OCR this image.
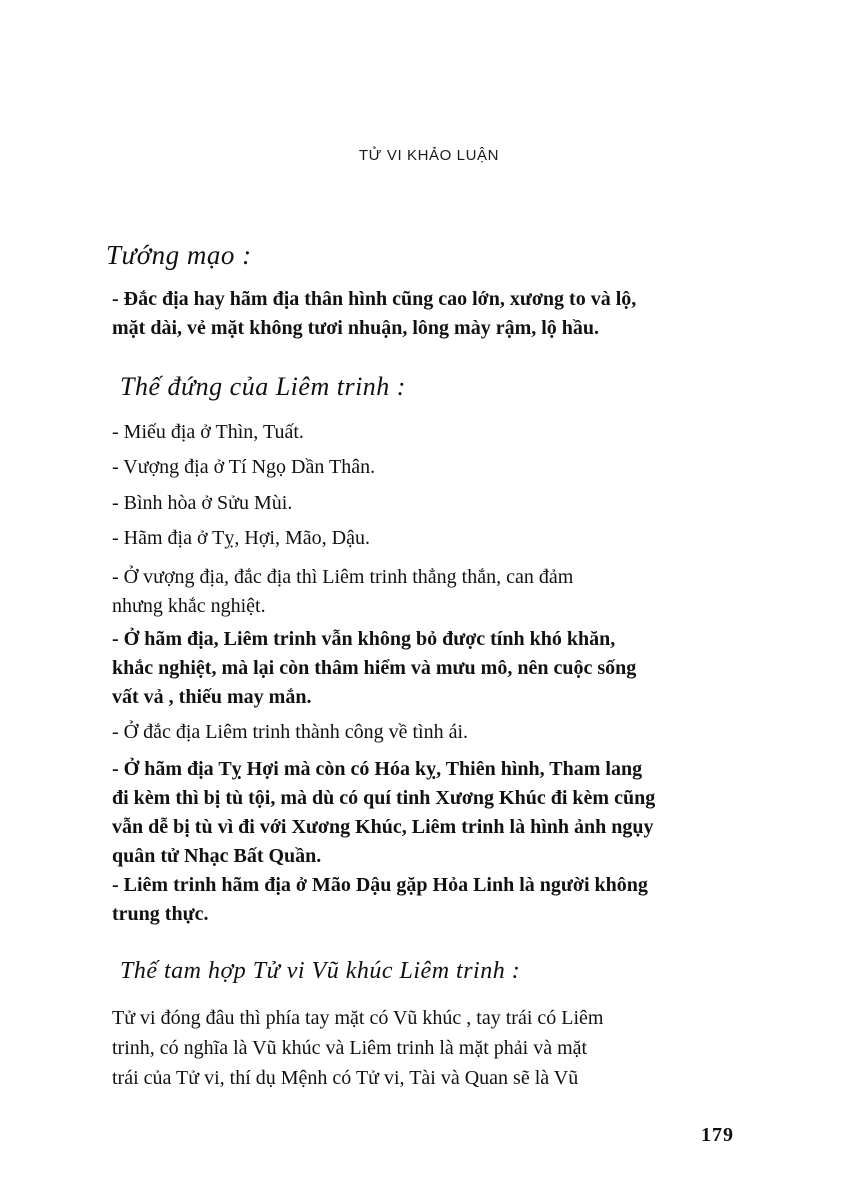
TỬ VI KHẢO LUẬN
Tướng mạo :

- Đắc địa hay hãm địa thân hình cũng cao lớn, xương to và lộ,
mặt dài, vẻ mặt không tươi nhuận, lông mày rậm, lộ hầu.

Thế đứng của Liêm trinh :

- Miếu địa ở Thìn, Tuất.

- Vượng địa ở Tí Ngọ Dần Thân.

- Bình hòa ở Sửu Mùi.

- Hãm địa ở Tỵ, Hợi, Mão, Dậu.

- Ở vượng địa, đắc địa thì Liêm trinh thẳng thắn, can đảm
nhưng khắc nghiệt.

- Ở hãm địa, Liêm trinh vẫn không bỏ được tính khó khăn,
khắc nghiệt, mà lại còn thâm hiểm và mưu mô, nên cuộc sống
vất vả , thiếu may mắn.

- Ở đắc địa Liêm trinh thành công về tình ái.

- Ở hãm địa Tỵ Hợi mà còn có Hóa kỵ, Thiên hình, Tham lang
đi kèm thì bị tù tội, mà dù có quí tinh Xương Khúc đi kèm cũng
vẫn dễ bị tù vì đi với Xương Khúc, Liêm trinh là hình ảnh ngụy
quân tử Nhạc Bất Quần.

- Liêm trinh hãm địa ở Mão Dậu gặp Hỏa Linh là người không
trung thực.

Thế tam hợp Tử vi Vũ khúc Liêm trinh :

Tử vi đóng đâu thì phía tay mặt có Vũ khúc , tay trái có Liêm
trinh, có nghĩa là Vũ khúc và Liêm trinh là mặt phải và mặt
trái của Tử vi, thí dụ Mệnh có Tử vi, Tài và Quan sẽ là Vũ

179
